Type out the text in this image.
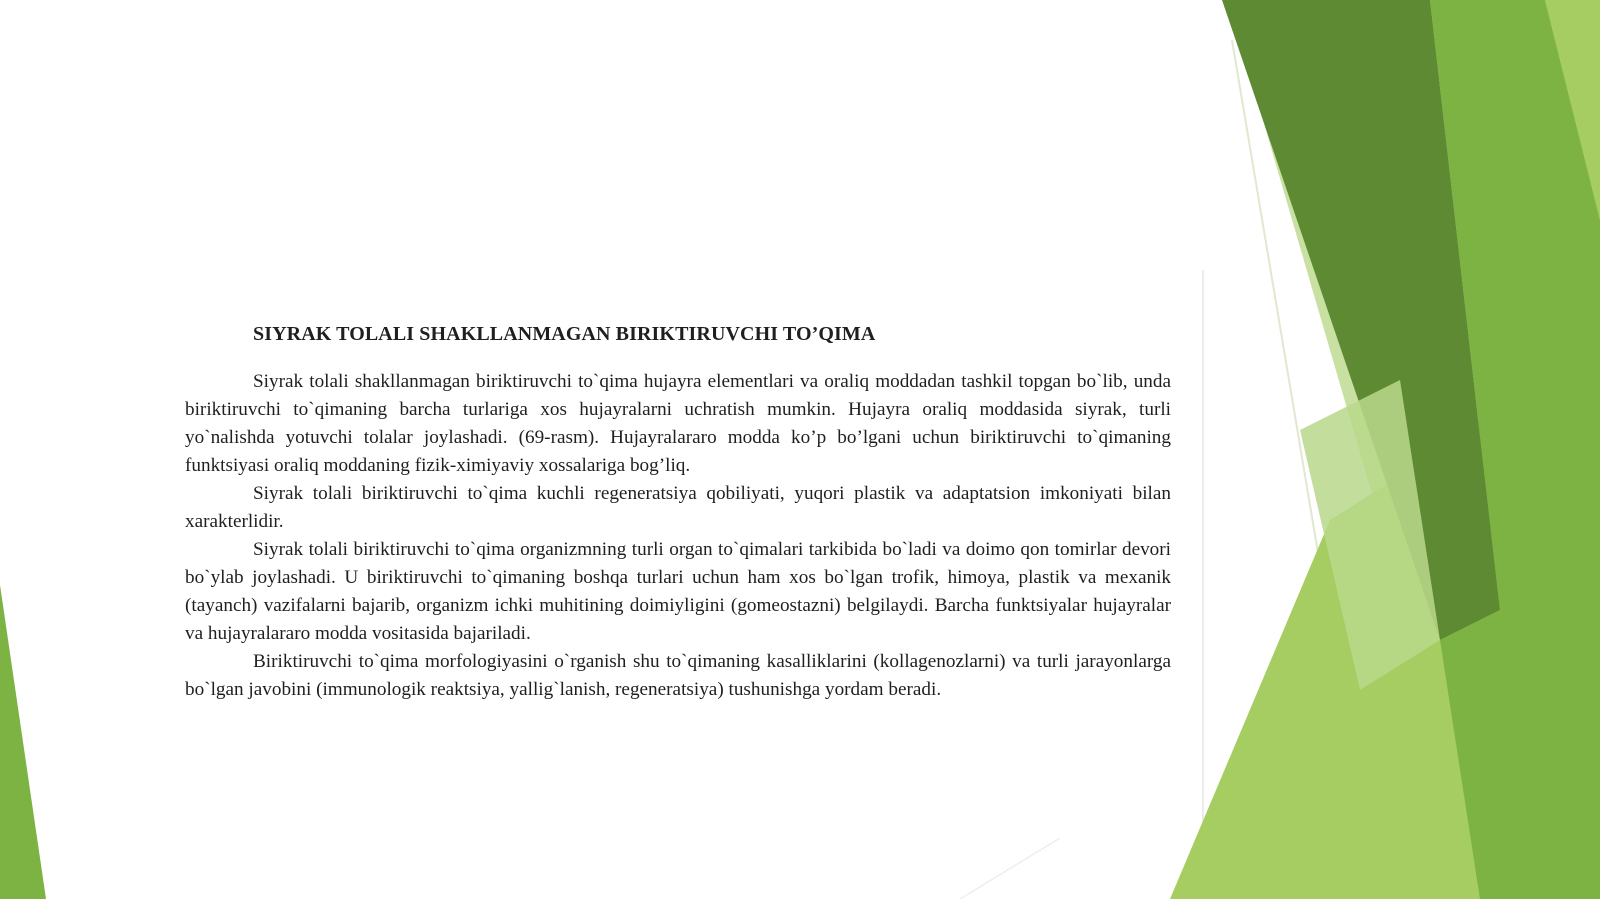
SIYRAK TOLALI SHAKLLANMAGAN BIRIKTIRUVCHI TO’QIMA

Siyrak tolali shakllanmagan biriktiruvchi to`qima hujayra elementlari va oraliq moddadan tashkil topgan bo`lib, unda biriktiruvchi to`qimaning barcha turlariga xos hujayralarni uchratish mumkin. Hujayra oraliq moddasida siyrak, turli yo`nalishda yotuvchi tolalar joylashadi. (69-rasm). Hujayralararo modda ko’p bo’lgani uchun biriktiruvchi to`qimaning funktsiyasi oraliq moddaning fizik-ximiyaviy xossalariga bog’liq.

Siyrak tolali biriktiruvchi to`qima kuchli regeneratsiya qobiliyati, yuqori plastik va adaptatsion imkoniyati bilan xarakterlidir.

Siyrak tolali biriktiruvchi to`qima organizmning turli organ to`qimalari tarkibida bo`ladi va doimo qon tomirlar devori bo`ylab joylashadi. U biriktiruvchi to`qimaning boshqa turlari uchun ham xos bo`lgan trofik, himoya, plastik va mexanik (tayanch) vazifalarni bajarib, organizm ichki muhitining doimiyligini (gomeostazni) belgilaydi. Barcha funktsiyalar hujayralar va hujayralararo modda vositasida bajariladi.

Biriktiruvchi to`qima morfologiyasini o`rganish shu to`qimaning kasalliklarini (kollagenozlarni) va turli jarayonlarga bo`lgan javobini (immunologik reaktsiya, yallig`lanish, regeneratsiya) tushunishga yordam beradi.
